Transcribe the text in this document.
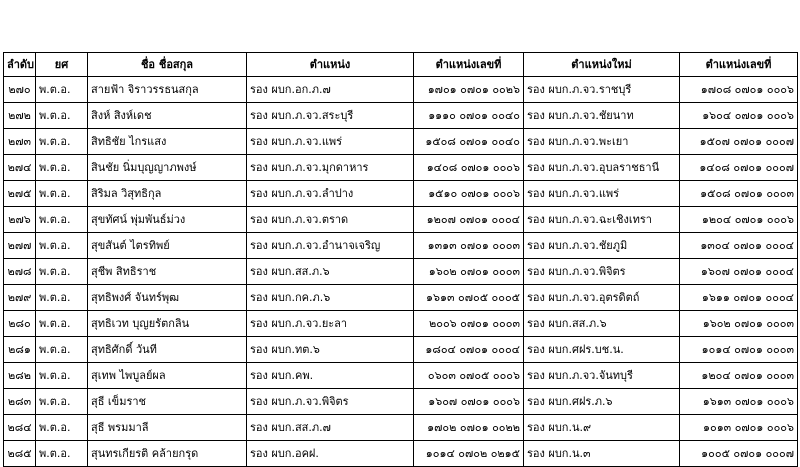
ลำดับ	ยศ	ชื่อ ชื่อสกุล	ตำแหน่ง	ตำแหน่งเลขที่	ตำแหน่งใหม่	ตำแหน่งเลขที่
๒๗๐	พ.ต.อ.	สายฟ้า จิราวรรธนสกุล	รอง ผบก.อก.ภ.๗	๑๗๐๑ ๐๗๐๑ ๐๐๒๖	รอง ผบก.ภ.จว.ราชบุรี	๑๗๐๘ ๐๗๐๑ ๐๐๐๖
๒๗๒	พ.ต.อ.	สิงห์ สิงห์เดช	รอง ผบก.ภ.จว.สระบุรี	๑๑๑๐ ๐๗๐๑ ๐๐๔๐	รอง ผบก.ภ.จว.ชัยนาท	๑๖๐๔ ๐๗๐๑ ๐๐๐๖
๒๗๓	พ.ต.อ.	สิทธิชัย ไกรแสง	รอง ผบก.ภ.จว.แพร่	๑๕๐๘ ๐๗๐๑ ๐๐๔๐	รอง ผบก.ภ.จว.พะเยา	๑๕๐๗ ๐๗๐๑ ๐๐๐๗
๒๗๔	พ.ต.อ.	สินชัย นิ่มบุญญาภพงษ์	รอง ผบก.ภ.จว.มุกดาหาร	๑๔๐๘ ๐๗๐๑ ๐๐๐๖	รอง ผบก.ภ.จว.อุบลราชธานี	๑๔๐๘ ๐๗๐๑ ๐๐๐๗
๒๗๕	พ.ต.อ.	สิริมล วิสุทธิกุล	รอง ผบก.ภ.จว.ลำปาง	๑๕๑๐ ๐๗๐๑ ๐๐๐๖	รอง ผบก.ภ.จว.แพร่	๑๕๐๘ ๐๗๐๑ ๐๐๐๓
๒๗๖	พ.ต.อ.	สุขทัศน์ พุ่มพันธ์ม่วง	รอง ผบก.ภ.จว.ตราด	๑๒๐๗ ๐๗๐๑ ๐๐๐๔	รอง ผบก.ภ.จว.ฉะเชิงเทรา	๑๒๐๔ ๐๗๐๑ ๐๐๐๖
๒๗๗	พ.ต.อ.	สุขสันต์ ไตรทิพย์	รอง ผบก.ภ.จว.อำนาจเจริญ	๑๓๑๓ ๐๗๐๑ ๐๐๐๓	รอง ผบก.ภ.จว.ชัยภูมิ	๑๓๐๔ ๐๗๐๑ ๐๐๐๔
๒๗๘	พ.ต.อ.	สุชีพ สิทธิราช	รอง ผบก.สส.ภ.๖	๑๖๐๒ ๐๗๐๑ ๐๐๐๓	รอง ผบก.ภ.จว.พิจิตร	๑๖๐๗ ๐๗๐๑ ๐๐๐๔
๒๗๙	พ.ต.อ.	สุทธิพงศ์ จันทร์พุฒ	รอง ผบก.กค.ภ.๖	๑๖๑๓ ๐๗๐๕ ๐๐๐๕	รอง ผบก.ภ.จว.อุตรดิตถ์	๑๖๑๑ ๐๗๐๑ ๐๐๐๔
๒๘๐	พ.ต.อ.	สุทธิเวท บุญยรัตกลิน	รอง ผบก.ภ.จว.ยะลา	๒๐๐๖ ๐๗๐๑ ๐๐๐๓	รอง ผบก.สส.ภ.๖	๑๖๐๒ ๐๗๐๑ ๐๐๐๓
๒๘๑	พ.ต.อ.	สุทธิศักดิ์ วันที	รอง ผบก.ทต.๖	๑๘๐๔ ๐๗๐๑ ๐๐๐๔	รอง ผบก.ศฝร.บช.น.	๑๐๑๔ ๐๗๐๑ ๐๐๐๓
๒๘๒	พ.ต.อ.	สุเทพ ไพบูลย์ผล	รอง ผบก.คพ.	๐๖๐๓ ๐๗๐๕ ๐๐๐๖	รอง ผบก.ภ.จว.จันทบุรี	๑๒๐๔ ๐๗๐๑ ๐๐๐๓
๒๘๓	พ.ต.อ.	สุธี เข็มราช	รอง ผบก.ภ.จว.พิจิตร	๑๖๐๗ ๐๗๐๑ ๐๐๐๖	รอง ผบก.ศฝร.ภ.๖	๑๖๑๓ ๐๗๐๑ ๐๐๐๖
๒๘๔	พ.ต.อ.	สุธี พรมมาลี	รอง ผบก.สส.ภ.๗	๑๗๐๒ ๐๗๐๑ ๐๐๒๒	รอง ผบก.น.๙	๑๐๑๓ ๐๗๐๑ ๐๐๐๖
๒๘๕	พ.ต.อ.	สุนทรเกียรติ คล้ายกรุด	รอง ผบก.อคฝ.	๑๐๑๔ ๐๗๐๒ ๐๒๑๕	รอง ผบก.น.๓	๑๐๐๕ ๐๗๐๑ ๐๐๐๗
